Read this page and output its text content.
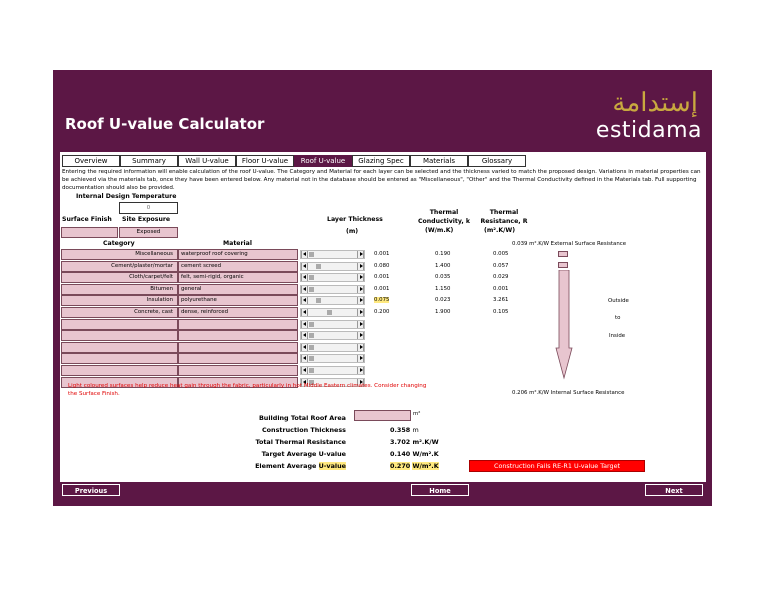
Roof U-value Calculator
إستدامة
estidama
Overview	Summary	Wall U-value	Floor U-value	Roof U-value	Glazing Spec	Materials	Glossary
Entering the required information will enable calculation of the roof U-value. The Category and Material for each layer can be selected and the thickness varied to match the proposed design. Variations in material properties can be achieved via the materials tab, once they have been entered below. Any material not in the database should be entered as "Miscellaneous", "Other" and the Thermal Conductivity defined in the Materials tab. Full supporting documentation should also be provided.
Internal Design Temperature
0
Surface Finish Site Exposure
Exposed
Category	Material
Layer Thickness
(m)
Thermal
Conductivity, k
(W/m.K)
Thermal
Resistance, R
(m².K/W)
0.039 m².K/W External Surface Resistance
Miscellaneous	waterproof roof covering	0.001	0.190	0.005
Cement/plaster/mortar	cement screed	0.080	1.400	0.057
Cloth/carpet/felt	felt, semi-rigid, organic	0.001	0.035	0.029
Bitumen	general	0.001	1.150	0.001
Insulation	polyurethane	0.075	0.023	3.261
Concrete, cast	dense, reinforced	0.200	1.900	0.105
Outside
to
Inside
0.206 m².K/W Internal Surface Resistance
Light coloured surfaces help reduce heat gain through the fabric, particularly in hot Middle Eastern climates. Consider changing the Surface Finish.
Building Total Roof Area	m²
Construction Thickness	0.358 m
Total Thermal Resistance	3.702 m².K/W
Target Average U-value	0.140 W/m².K
Element Average U-value	0.270 W/m².K	Construction Fails RE-R1 U-value Target
Previous	Home	Next
